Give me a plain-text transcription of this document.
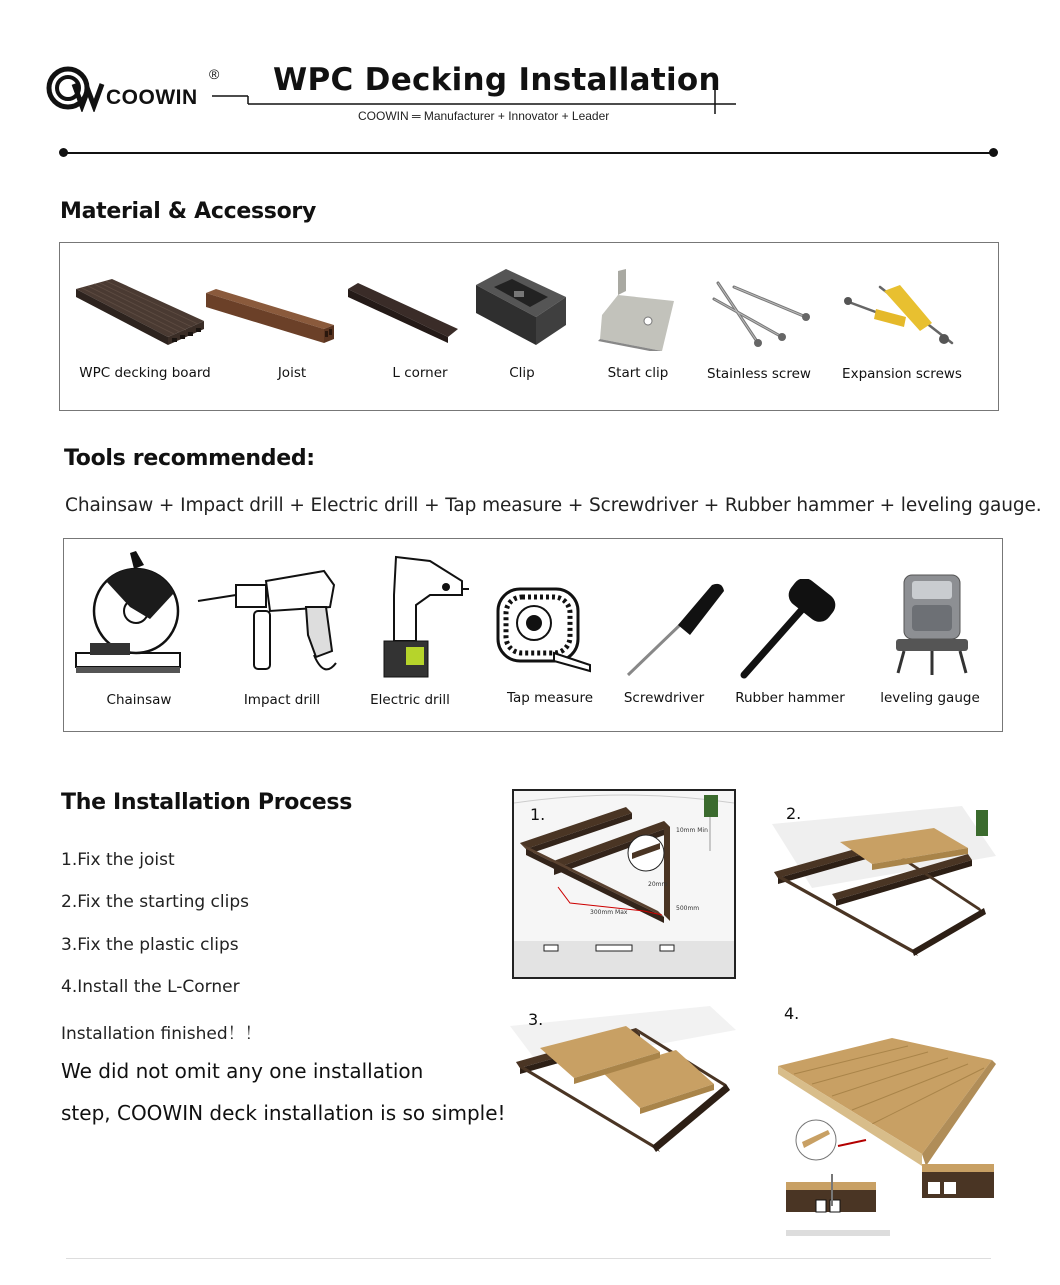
COOWIN
® WPC Decking Installation
COOWIN ═ Manufacturer + Innovator + Leader
Material & Accessory
WPC decking board	Joist	L corner	Clip	Start clip	Stainless screw	Expansion screws
Tools recommended:
Chainsaw + Impact drill + Electric drill + Tap measure + Screwdriver + Rubber hammer + leveling gauge.
Chainsaw	Impact drill	Electric drill	Tap measure	Screwdriver	Rubber hammer	leveling gauge
The Installation Process
1.Fix the joist
2.Fix the starting clips
3.Fix the plastic clips
4.Install the L-Corner
Installation finished！！
We did not omit any one installation
step, COOWIN deck installation is so simple!
1.
10mm Min
20mm
300mm Max
500mm
2.
3.	4.
